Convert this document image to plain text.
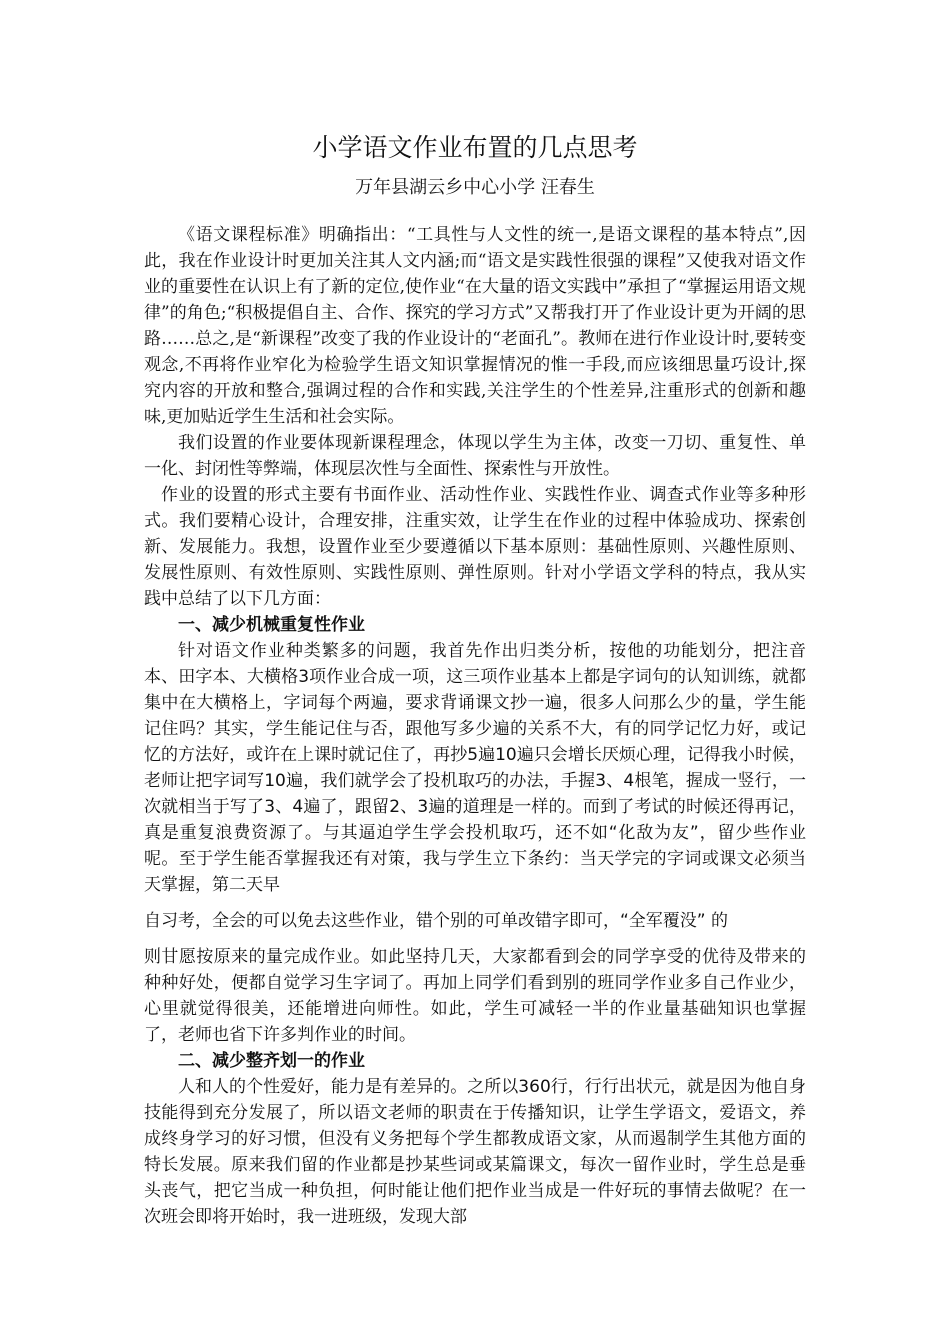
小学语文作业布置的几点思考
万年县湖云乡中心小学 汪春生

《语文课程标准》明确指出：“工具性与人文性的统一,是语文课程的基本特点”,因此，我在作业设计时更加关注其人文内涵;而“语文是实践性很强的课程”又使我对语文作业的重要性在认识上有了新的定位,使作业“在大量的语文实践中”承担了“掌握运用语文规律”的角色;“积极提倡自主、合作、探究的学习方式”又帮我打开了作业设计更为开阔的思路……总之,是“新课程”改变了我的作业设计的“老面孔”。教师在进行作业设计时,要转变观念,不再将作业窄化为检验学生语文知识掌握情况的惟一手段,而应该细思量巧设计,探究内容的开放和整合,强调过程的合作和实践,关注学生的个性差异,注重形式的创新和趣味,更加贴近学生生活和社会实际。

我们设置的作业要体现新课程理念，体现以学生为主体，改变一刀切、重复性、单一化、封闭性等弊端，体现层次性与全面性、探索性与开放性。

作业的设置的形式主要有书面作业、活动性作业、实践性作业、调查式作业等多种形式。我们要精心设计，合理安排，注重实效，让学生在作业的过程中体验成功、探索创新、发展能力。我想，设置作业至少要遵循以下基本原则：基础性原则、兴趣性原则、发展性原则、有效性原则、实践性原则、弹性原则。针对小学语文学科的特点，我从实践中总结了以下几方面：

一、减少机械重复性作业

针对语文作业种类繁多的问题，我首先作出归类分析，按他的功能划分，把注音本、田字本、大横格3项作业合成一项，这三项作业基本上都是字词句的认知训练，就都集中在大横格上，字词每个两遍，要求背诵课文抄一遍，很多人问那么少的量，学生能记住吗？其实，学生能记住与否，跟他写多少遍的关系不大，有的同学记忆力好，或记忆的方法好，或许在上课时就记住了，再抄5遍10遍只会增长厌烦心理，记得我小时候，老师让把字词写10遍，我们就学会了投机取巧的办法，手握3、4根笔，握成一竖行，一次就相当于写了3、4遍了，跟留2、3遍的道理是一样的。而到了考试的时候还得再记，真是重复浪费资源了。与其逼迫学生学会投机取巧，还不如“化敌为友”，留少些作业呢。至于学生能否掌握我还有对策，我与学生立下条约：当天学完的字词或课文必须当天掌握，第二天早

自习考，全会的可以免去这些作业，错个别的可单改错字即可，“全军覆没” 的

则甘愿按原来的量完成作业。如此坚持几天，大家都看到会的同学享受的优待及带来的种种好处，便都自觉学习生字词了。再加上同学们看到别的班同学作业多自己作业少，心里就觉得很美，还能增进向师性。如此，学生可减轻一半的作业量基础知识也掌握了，老师也省下许多判作业的时间。

二、减少整齐划一的作业

人和人的个性爱好，能力是有差异的。之所以360行，行行出状元，就是因为他自身技能得到充分发展了，所以语文老师的职责在于传播知识，让学生学语文，爱语文，养成终身学习的好习惯，但没有义务把每个学生都教成语文家，从而遏制学生其他方面的特长发展。原来我们留的作业都是抄某些词或某篇课文，每次一留作业时，学生总是垂头丧气，把它当成一种负担，何时能让他们把作业当成是一件好玩的事情去做呢？在一次班会即将开始时，我一进班级，发现大部
